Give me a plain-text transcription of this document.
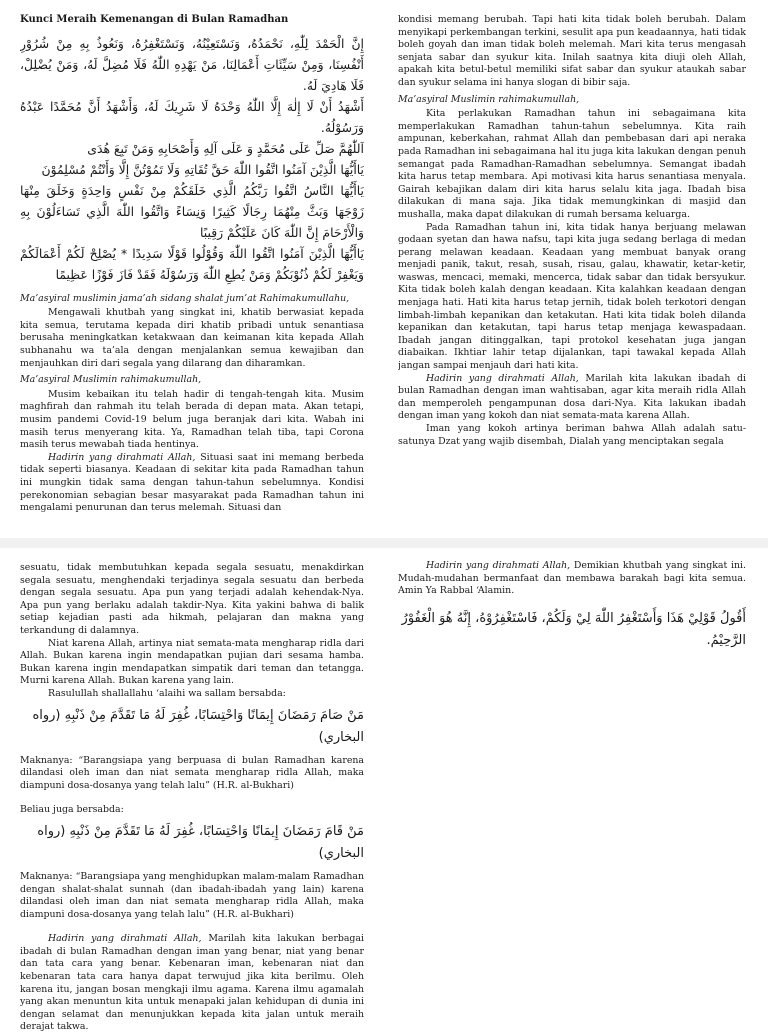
Kunci Meraih Kemenangan di Bulan Ramadhan

إِنَّ الْحَمْدَ لِلّٰهِ، نَحْمَدُهُ، وَنَسْتَعِيْنُهُ، وَنَسْتَغْفِرُهُ، وَنَعُوذُ بِهِ مِنْ شُرُوْرِ أَنْفُسِنَا، وَمِنْ سَيِّئَاتِ أَعْمَالِنَا، مَنْ يَهْدِهِ اللّٰهُ فَلَا مُضِلَّ لَهُ، وَمَنْ يُضْلِلْ، فَلَا هَادِيَ لَهُ.

أَشْهَدُ أَنْ لَا إِلٰهَ إِلَّا اللّٰهُ وَحْدَهُ لَا شَرِيكَ لَهُ، وَأَشْهَدُ أَنَّ مُحَمَّدًا عَبْدُهُ وَرَسُوْلُهُ.

اَللّٰهُمَّ صَلِّ عَلَى مُحَمَّدٍ وَ عَلَى آلِهِ وَأَصْحَابِهِ وَمَنْ تَبِعَ هُدَى

يَاأَيُّهَا الَّذِيْنَ آمَنُوا اتَّقُوا اللّٰهَ حَقَّ تُقَاتِهِ وَلَا تَمُوْتُنَّ إِلَّا وَأَنْتُمْ مُسْلِمُوْنَ

يَاأَيُّهَا النَّاسُ اتَّقُوا رَبَّكُمُ الَّذِي خَلَقَكُمْ مِنْ نَفْسٍ وَاحِدَةٍ وَخَلَقَ مِنْهَا زَوْجَهَا وَبَثَّ مِنْهُمَا رِجَالًا كَثِيرًا وَنِسَاءً وَاتَّقُوا اللّٰهَ الَّذِي تَسَاءَلُوْنَ بِهِ وَالْأَرْحَامَ إِنَّ اللّٰهَ كَانَ عَلَيْكُمْ رَقِيبًا

يَاأَيُّهَا الَّذِيْنَ آمَنُوا اتَّقُوا اللّٰهَ وَقُوْلُوا قَوْلًا سَدِيدًا * يُصْلِحْ لَكُمْ أَعْمَالَكُمْ وَيَغْفِرْ لَكُمْ ذُنُوْبَكُمْ وَمَنْ يُطِعِ اللّٰهَ وَرَسُوْلَهُ فَقَدْ فَازَ فَوْزًا عَظِيمًا

Ma’asyiral muslimin jama’ah sidang shalat jum’at Rahimakumullahu,

Mengawali khutbah yang singkat ini, khatib berwasiat kepada kita semua, terutama kepada diri khatib pribadi untuk senantiasa berusaha meningkatkan ketakwaan dan keimanan kita kepada Allah subhanahu wa ta’ala dengan menjalankan semua kewajiban dan menjauhkan diri dari segala yang dilarang dan diharamkan.

Ma’asyiral Muslimin rahimakumullah,

Musim kebaikan itu telah hadir di tengah-tengah kita. Musim maghfirah dan rahmah itu telah berada di depan mata. Akan tetapi, musim pandemi Covid-19 belum juga beranjak dari kita. Wabah ini masih terus menyerang kita. Ya, Ramadhan telah tiba, tapi Corona masih terus mewabah tiada hentinya.

Hadirin yang dirahmati Allah, Situasi saat ini memang berbeda tidak seperti biasanya. Keadaan di sekitar kita pada Ramadhan tahun ini mungkin tidak sama dengan tahun-tahun sebelumnya. Kondisi perekonomian sebagian besar masyarakat pada Ramadhan tahun ini mengalami penurunan dan terus melemah. Situasi dan

kondisi memang berubah. Tapi hati kita tidak boleh berubah. Dalam menyikapi perkembangan terkini, sesulit apa pun keadaannya, hati tidak boleh goyah dan iman tidak boleh melemah. Mari kita terus mengasah senjata sabar dan syukur kita. Inilah saatnya kita diuji oleh Allah, apakah kita betul-betul memiliki sifat sabar dan syukur ataukah sabar dan syukur selama ini hanya slogan di bibir saja.

Ma’asyiral Muslimin rahimakumullah,

Kita perlakukan Ramadhan tahun ini sebagaimana kita memperlakukan Ramadhan tahun-tahun sebelumnya. Kita raih ampunan, keberkahan, rahmat Allah dan pembebasan dari api neraka pada Ramadhan ini sebagaimana hal itu juga kita lakukan dengan penuh semangat pada Ramadhan-Ramadhan sebelumnya. Semangat ibadah kita harus tetap membara. Api motivasi kita harus senantiasa menyala. Gairah kebajikan dalam diri kita harus selalu kita jaga. Ibadah bisa dilakukan di mana saja. Jika tidak memungkinkan di masjid dan mushalla, maka dapat dilakukan di rumah bersama keluarga.

Pada Ramadhan tahun ini, kita tidak hanya berjuang melawan godaan syetan dan hawa nafsu, tapi kita juga sedang berlaga di medan perang melawan keadaan. Keadaan yang membuat banyak orang menjadi panik, takut, resah, susah, risau, galau, khawatir, ketar-ketir, waswas, mencaci, memaki, mencerca, tidak sabar dan tidak bersyukur. Kita tidak boleh kalah dengan keadaan. Kita kalahkan keadaan dengan menjaga hati. Hati kita harus tetap jernih, tidak boleh terkotori dengan limbah-limbah kepanikan dan ketakutan. Hati kita tidak boleh dilanda kepanikan dan ketakutan, tapi harus tetap menjaga kewaspadaan. Ibadah jangan ditinggalkan, tapi protokol kesehatan juga jangan diabaikan. Ikhtiar lahir tetap dijalankan, tapi tawakal kepada Allah jangan sampai menjauh dari hati kita.

Hadirin yang dirahmati Allah, Marilah kita lakukan ibadah di bulan Ramadhan dengan iman wahtisaban, agar kita meraih ridla Allah dan memperoleh pengampunan dosa dari-Nya. Kita lakukan ibadah dengan iman yang kokoh dan niat semata-mata karena Allah.

Iman yang kokoh artinya beriman bahwa Allah adalah satu-satunya Dzat yang wajib disembah, Dialah yang menciptakan segala

sesuatu, tidak membutuhkan kepada segala sesuatu, menakdirkan segala sesuatu, menghendaki terjadinya segala sesuatu dan berbeda dengan segala sesuatu. Apa pun yang terjadi adalah kehendak-Nya. Apa pun yang berlaku adalah takdir-Nya. Kita yakini bahwa di balik setiap kejadian pasti ada hikmah, pelajaran dan makna yang terkandung di dalamnya.

Niat karena Allah, artinya niat semata-mata mengharap ridla dari Allah. Bukan karena ingin mendapatkan pujian dari sesama hamba. Bukan karena ingin mendapatkan simpatik dari teman dan tetangga. Murni karena Allah. Bukan karena yang lain.

Rasulullah shallallahu ‘alaihi wa sallam bersabda:

مَنْ صَامَ رَمَضَانَ إِيمَانًا وَاحْتِسَابًا، غُفِرَ لَهُ مَا تَقَدَّمَ مِنْ ذَنْبِهِ (رواه البخاري)

Maknanya: “Barangsiapa yang berpuasa di bulan Ramadhan karena dilandasi oleh iman dan niat semata mengharap ridla Allah, maka diampuni dosa-dosanya yang telah lalu” (H.R. al-Bukhari)

Beliau juga bersabda:

مَنْ قَامَ رَمَضَانَ إِيمَانًا وَاحْتِسَابًا، غُفِرَ لَهُ مَا تَقَدَّمَ مِنْ ذَنْبِهِ (رواه البخاري)

Maknanya: “Barangsiapa yang menghidupkan malam-malam Ramadhan dengan shalat-shalat sunnah (dan ibadah-ibadah yang lain) karena dilandasi oleh iman dan niat semata mengharap ridla Allah, maka diampuni dosa-dosanya yang telah lalu” (H.R. al-Bukhari)

Hadirin yang dirahmati Allah, Marilah kita lakukan berbagai ibadah di bulan Ramadhan dengan iman yang benar, niat yang benar dan tata cara yang benar. Kebenaran iman, kebenaran niat dan kebenaran tata cara hanya dapat terwujud jika kita berilmu. Oleh karena itu, jangan bosan mengkaji ilmu agama. Karena ilmu agamalah yang akan menuntun kita untuk menapaki jalan kehidupan di dunia ini dengan selamat dan menunjukkan kepada kita jalan untuk meraih derajat takwa.

Hadirin yang dirahmati Allah, Demikian khutbah yang singkat ini. Mudah-mudahan bermanfaat dan membawa barakah bagi kita semua. Amin Ya Rabbal ‘Alamin.

أَقُولُ قَوْلِيْ هَذَا وَأَسْتَغْفِرُ اللّٰهَ لِيْ وَلَكُمْ، فَاسْتَغْفِرُوْهُ، إِنَّهُ هُوَ الْغَفُوْرُ الرَّحِيْمُ.
